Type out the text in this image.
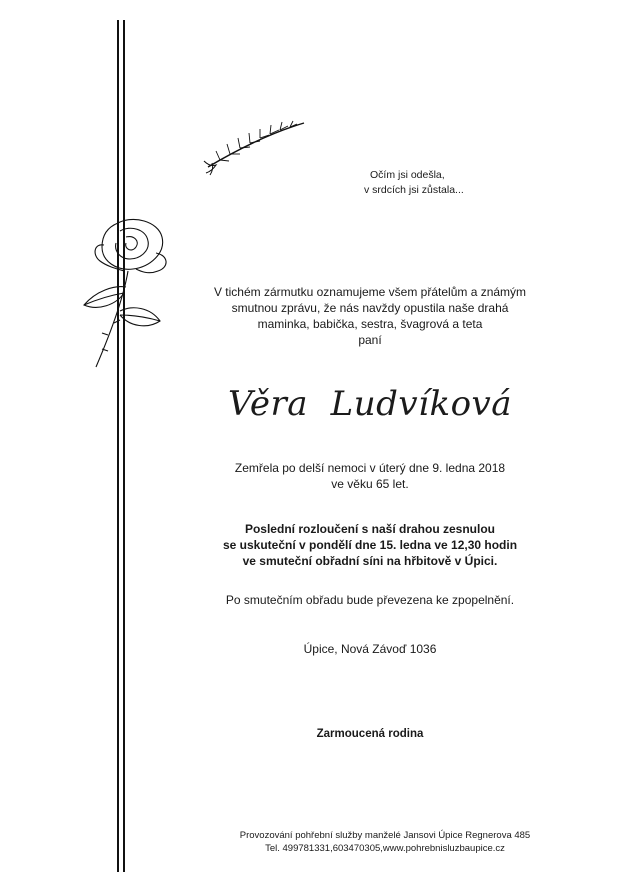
Očím jsi odešla,
v srdcích jsi zůstala...
V tichém zármutku oznamujeme všem přátelům a známým
smutnou zprávu, že nás navždy opustila naše drahá
maminka, babička, sestra, švagrová a teta
paní
Věra  Ludvíková
Zemřela po delší nemoci v úterý dne 9. ledna 2018
ve věku 65 let.
Poslední rozloučení s naší drahou zesnulou
se uskuteční v pondělí dne 15. ledna ve 12,30 hodin
ve smuteční obřadní síni na hřbitově v Úpici.
Po smutečním obřadu bude převezena ke zpopelnění.
Úpice, Nová Závoď 1036
Zarmoucená rodina
Provozování pohřební služby manželé Jansovi Úpice Regnerova 485
Tel. 499781331,603470305,www.pohrebnisluzbaupice.cz
